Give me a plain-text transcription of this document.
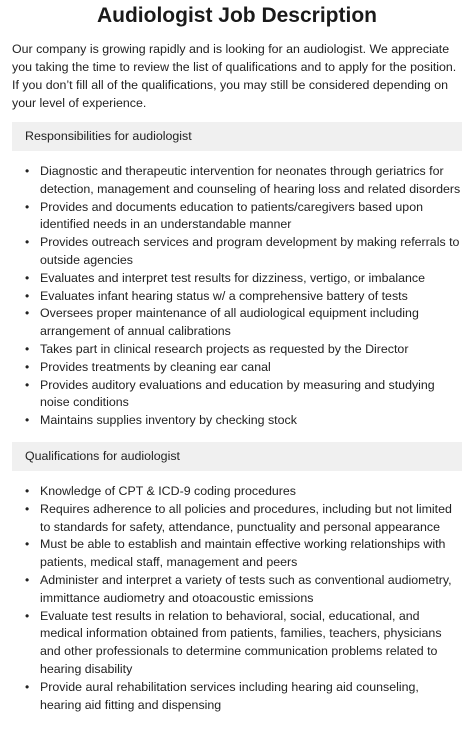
Audiologist Job Description

Our company is growing rapidly and is looking for an audiologist. We appreciate you taking the time to review the list of qualifications and to apply for the position. If you don’t fill all of the qualifications, you may still be considered depending on your level of experience.

Responsibilities for audiologist
• Diagnostic and therapeutic intervention for neonates through geriatrics for detection, management and counseling of hearing loss and related disorders
• Provides and documents education to patients/caregivers based upon identified needs in an understandable manner
• Provides outreach services and program development by making referrals to outside agencies
• Evaluates and interpret test results for dizziness, vertigo, or imbalance
• Evaluates infant hearing status w/ a comprehensive battery of tests
• Oversees proper maintenance of all audiological equipment including arrangement of annual calibrations
• Takes part in clinical research projects as requested by the Director
• Provides treatments by cleaning ear canal
• Provides auditory evaluations and education by measuring and studying noise conditions
• Maintains supplies inventory by checking stock
Qualifications for audiologist
• Knowledge of CPT & ICD-9 coding procedures
• Requires adherence to all policies and procedures, including but not limited to standards for safety, attendance, punctuality and personal appearance
• Must be able to establish and maintain effective working relationships with patients, medical staff, management and peers
• Administer and interpret a variety of tests such as conventional audiometry, immittance audiometry and otoacoustic emissions
• Evaluate test results in relation to behavioral, social, educational, and medical information obtained from patients, families, teachers, physicians and other professionals to determine communication problems related to hearing disability
• Provide aural rehabilitation services including hearing aid counseling, hearing aid fitting and dispensing
